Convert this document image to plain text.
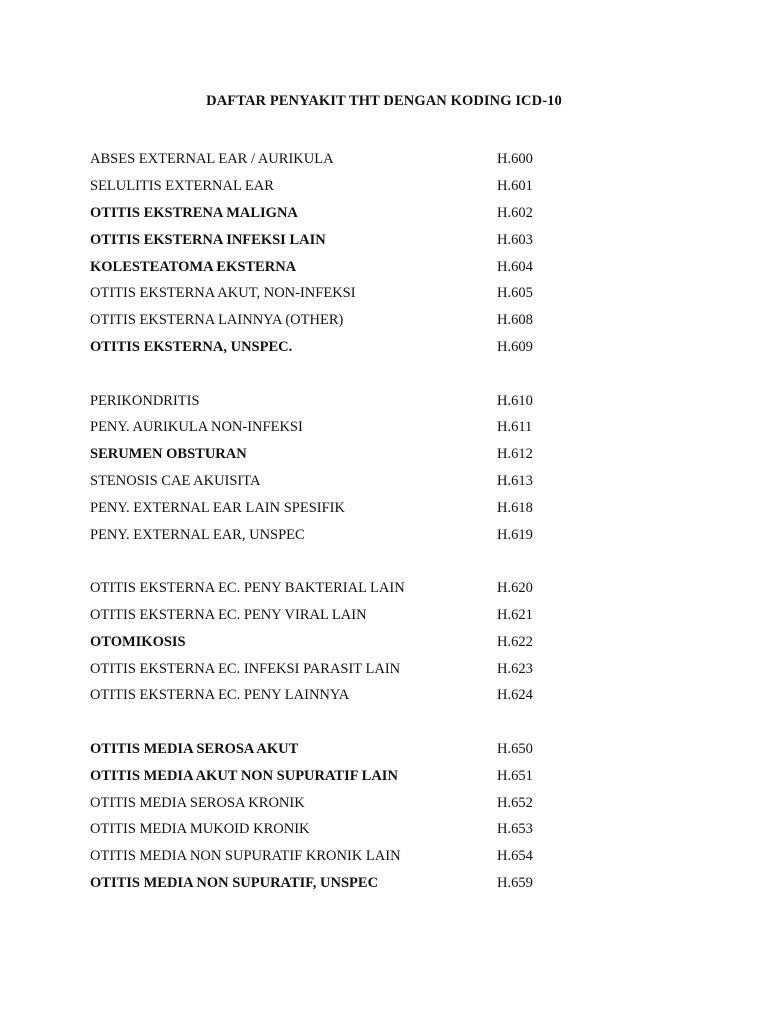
DAFTAR PENYAKIT THT DENGAN KODING ICD-10
ABSES EXTERNAL EAR / AURIKULA	H.600
SELULITIS EXTERNAL EAR	H.601
OTITIS EKSTRENA MALIGNA	H.602
OTITIS EKSTERNA INFEKSI LAIN	H.603
KOLESTEATOMA EKSTERNA	H.604
OTITIS EKSTERNA AKUT, NON-INFEKSI	H.605
OTITIS EKSTERNA LAINNYA (OTHER)	H.608
OTITIS EKSTERNA, UNSPEC.	H.609
PERIKONDRITIS	H.610
PENY. AURIKULA NON-INFEKSI	H.611
SERUMEN OBSTURAN	H.612
STENOSIS CAE AKUISITA	H.613
PENY. EXTERNAL EAR LAIN SPESIFIK	H.618
PENY. EXTERNAL EAR, UNSPEC	H.619
OTITIS EKSTERNA EC. PENY BAKTERIAL LAIN	H.620
OTITIS EKSTERNA EC. PENY VIRAL LAIN	H.621
OTOMIKOSIS	H.622
OTITIS EKSTERNA EC. INFEKSI PARASIT LAIN	H.623
OTITIS EKSTERNA EC. PENY LAINNYA	H.624
OTITIS MEDIA SEROSA AKUT	H.650
OTITIS MEDIA AKUT NON SUPURATIF LAIN	H.651
OTITIS MEDIA SEROSA KRONIK	H.652
OTITIS MEDIA MUKOID KRONIK	H.653
OTITIS MEDIA NON SUPURATIF KRONIK LAIN	H.654
OTITIS MEDIA NON SUPURATIF, UNSPEC	H.659
